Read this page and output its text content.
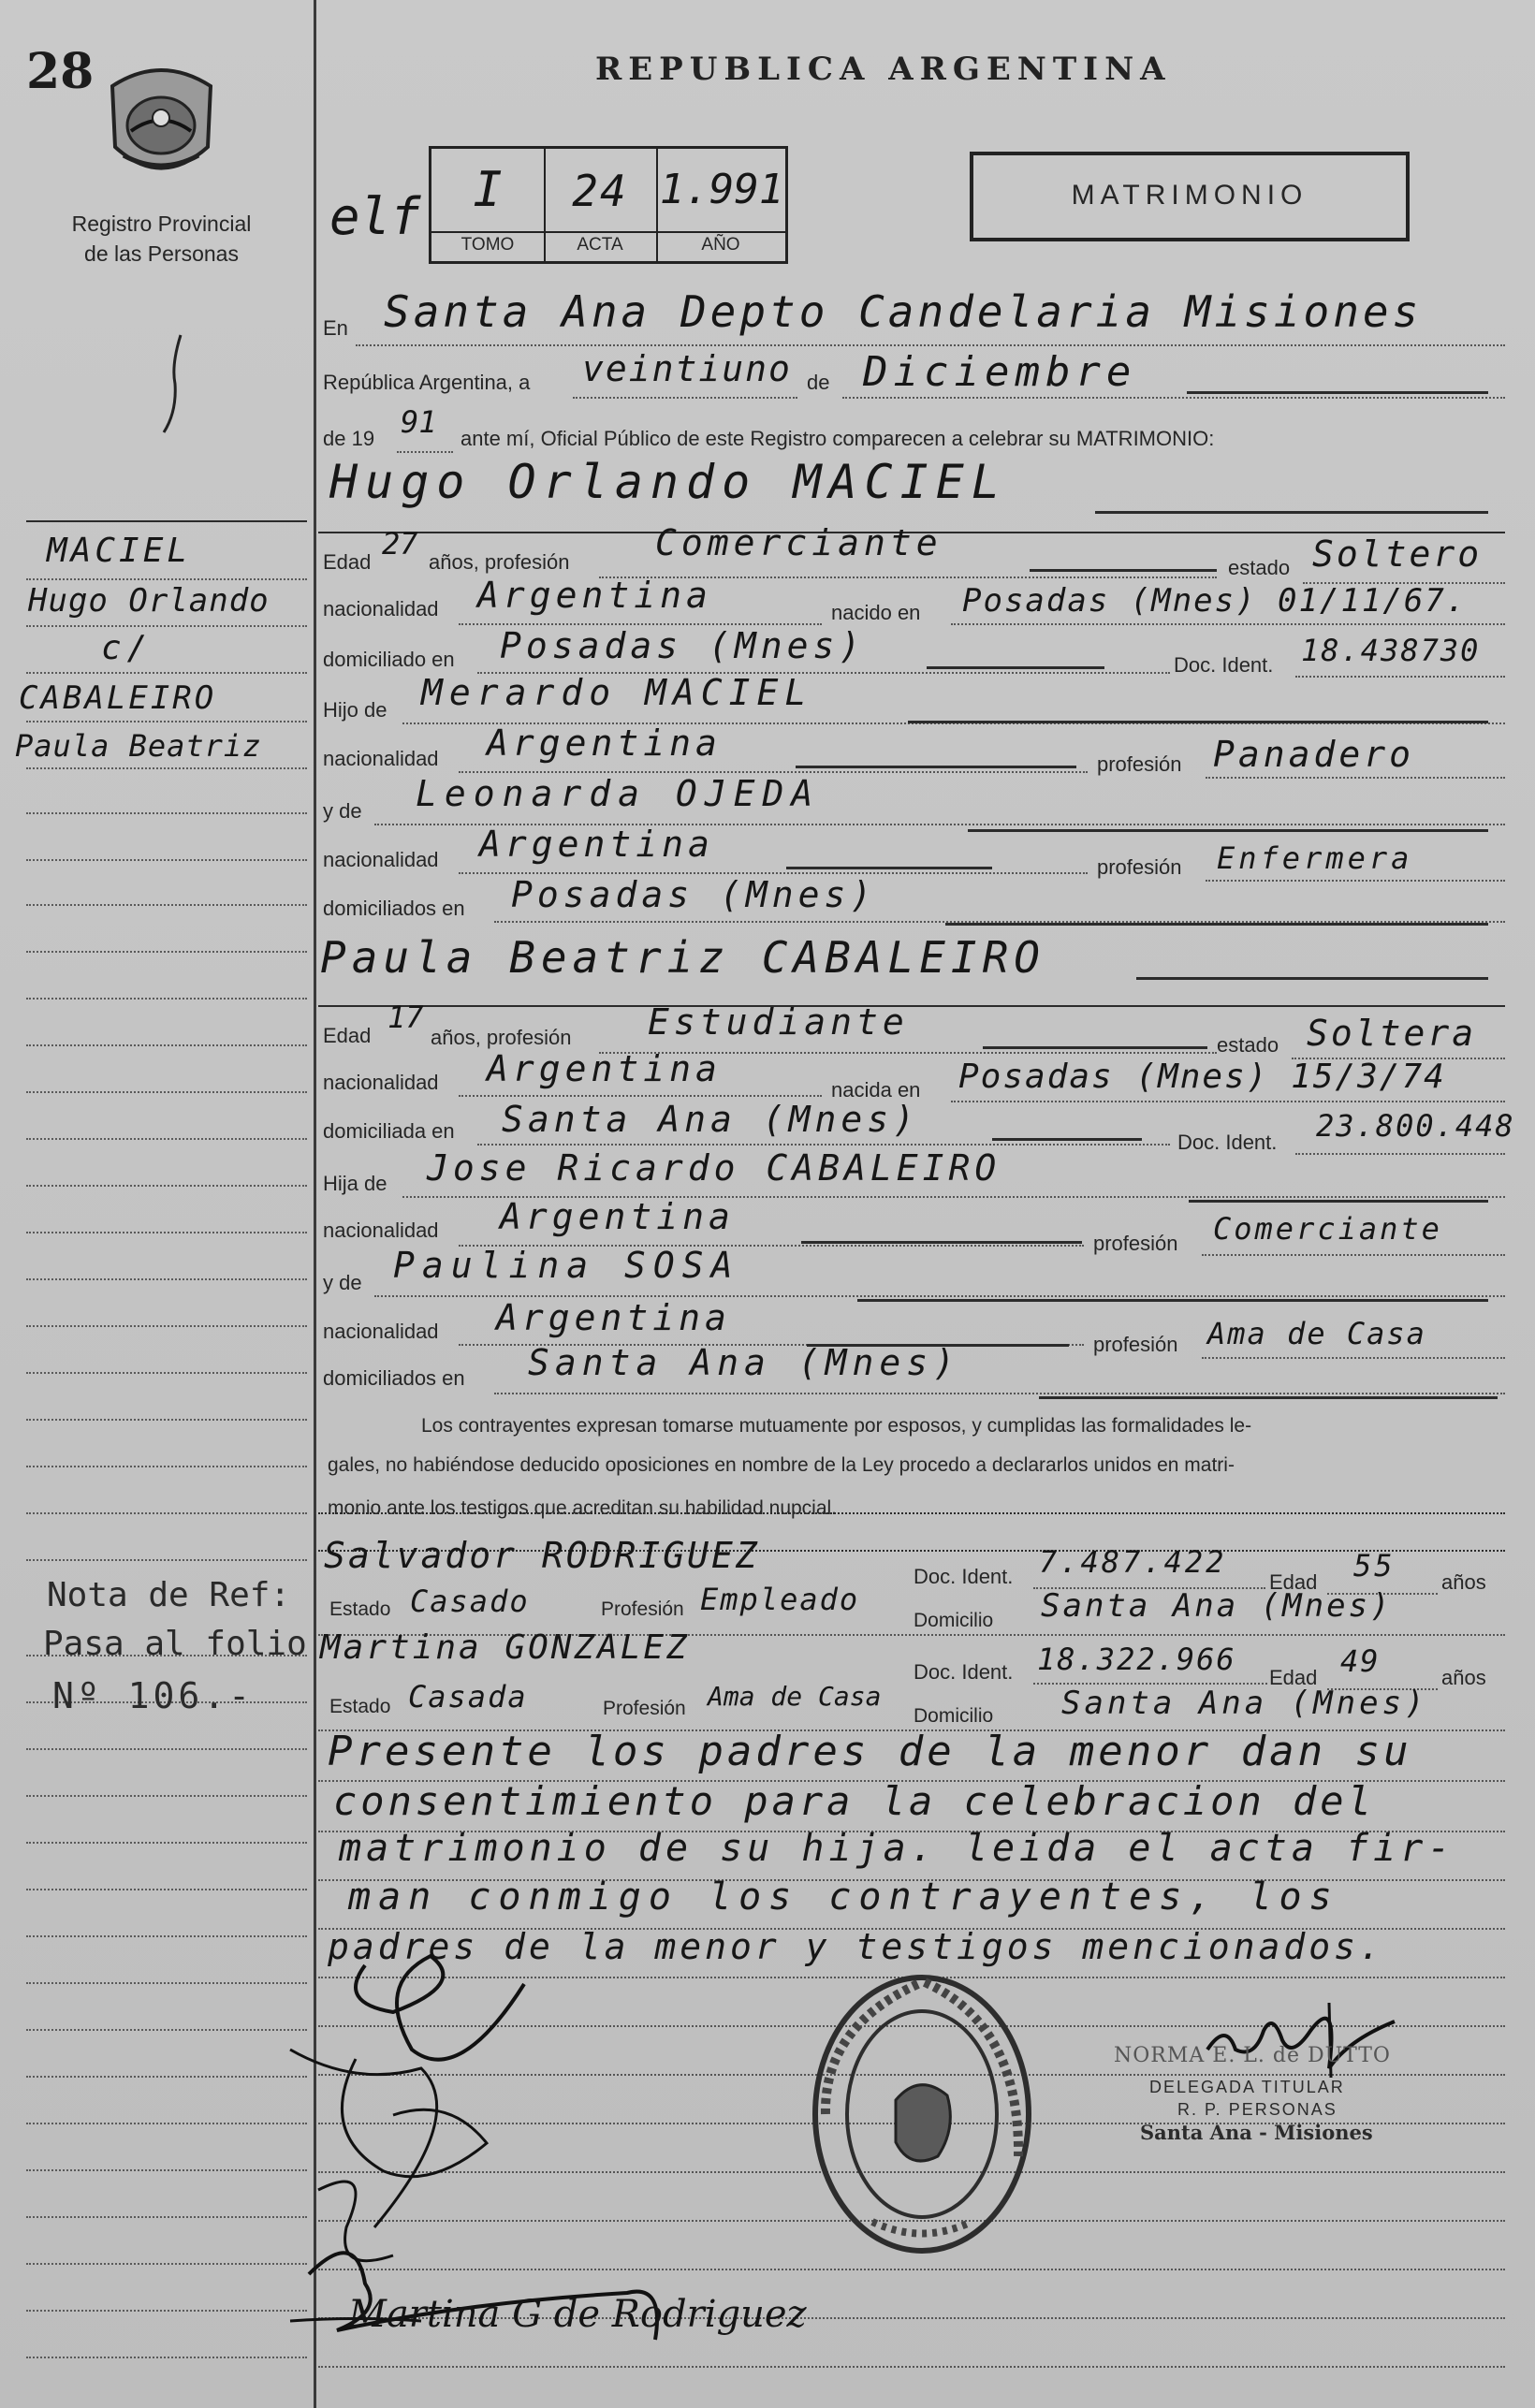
28
Registro Provincial
de las Personas
MACIEL
Hugo Orlando
c/
CABALEIRO
Paula Beatriz
Nota de Ref:
Pasa al folio
Nº 106.-
REPUBLICA ARGENTINA
I	24 1.991
TOMO	ACTA	AÑO
elf	MATRIMONIO
En Santa Ana Depto Candelaria Misiones
República Argentina, a veintiuno de Diciembre
de 19 91 ante mí, Oficial Público de este Registro comparecen a celebrar su MATRIMONIO:
Hugo Orlando MACIEL
Edad
27
años, profesión Comerciante
estado Soltero
nacionalidad Argentina	nacido en Posadas (Mnes) 01/11/67.
domiciliado en Posadas (Mnes)	Doc. Ident. 18.438730
Hijo de Merardo MACIEL
nacionalidad Argentina
profesión Panadero
y de Leonarda OJEDA
nacionalidad Argentina
profesión Enfermera
domiciliados en Posadas (Mnes)
Paula Beatriz CABALEIRO
Edad
17
años, profesión Estudiante
estado Soltera
nacionalidad Argentina
nacida en Posadas (Mnes) 15/3/74
domiciliada en Santa Ana (Mnes)
Doc. Ident. 23.800.448
Hija de Jose Ricardo CABALEIRO
nacionalidad Argentina
profesión Comerciante
y de Paulina SOSA
nacionalidad Argentina
profesión Ama de Casa
domiciliados en Santa Ana (Mnes)
Los contrayentes expresan tomarse mutuamente por esposos, y cumplidas las formalidades le-
gales, no habiéndose deducido oposiciones en nombre de la Ley procedo a declararlos unidos en matri-
monio ante los testigos que acreditan su habilidad nupcial.
Salvador RODRIGUEZ
Doc. Ident. 7.487.422
Edad 55 años
Estado Casado	Profesión Empleado
Domicilio Santa Ana (Mnes)
Martina GONZALEZ
Doc. Ident. 18.322.966
Edad 49	años
Estado Casada	Profesión Ama de Casa
Domicilio Santa Ana (Mnes)
Presente los padres de la menor dan su
consentimiento para la celebracion del
matrimonio de su hija. leida el acta fir-
man conmigo los contrayentes, los
padres de la menor y testigos mencionados.
NORMA E. L. de DUTTO
DELEGADA TITULAR
R. P. PERSONAS
Santa Ana - Misiones
Martina G de Rodriguez
